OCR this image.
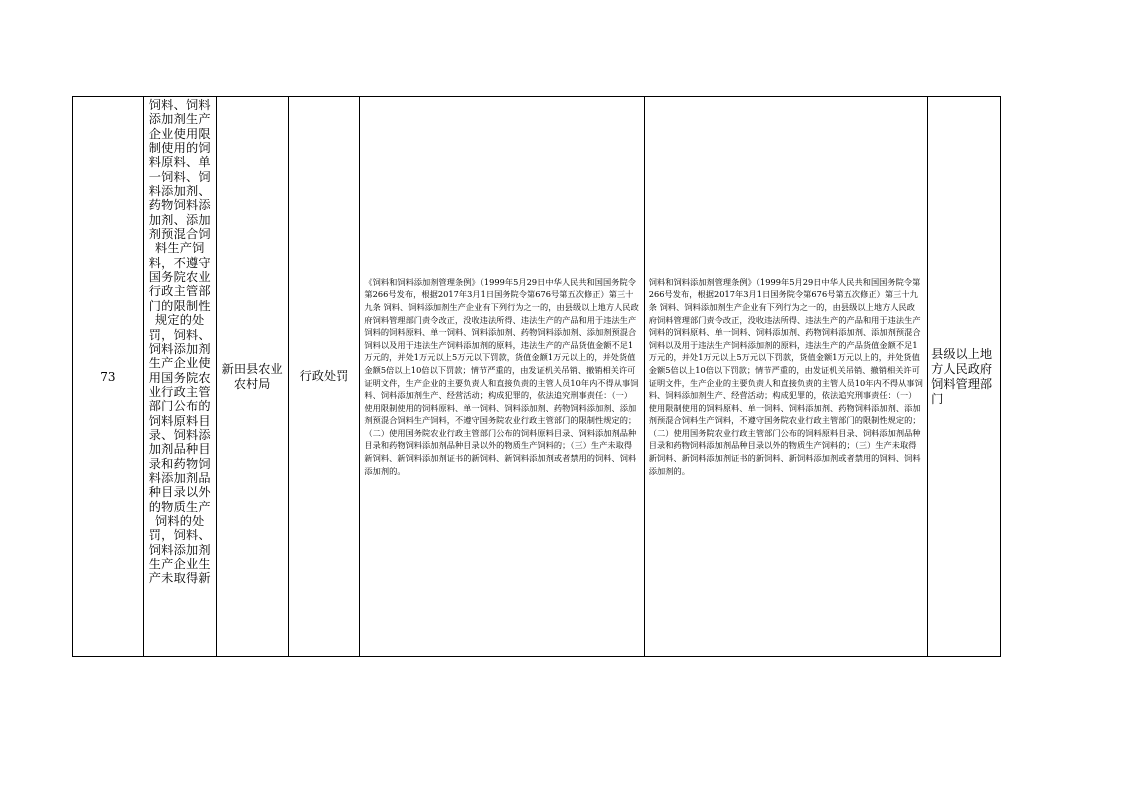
73
饲料、饲料添加剂生产企业使用限制使用的饲料原料、单一饲料、饲料添加剂、药物饲料添加剂、添加剂预混合饲料生产饲料，不遵守国务院农业行政主管部门的限制性规定的处罚，饲料、饲料添加剂生产企业使用国务院农业行政主管部门公布的饲料原料目录、饲料添加剂品种目录和药物饲料添加剂品种目录以外的物质生产饲料的处罚，饲料、饲料添加剂生产企业生产未取得新
新田县农业农村局
行政处罚
《饲料和饲料添加剂管理条例》（1999年5月29日中华人民共和国国务院令第266号发布，根据2017年3月1日国务院令第676号第五次修正）第三十九条 饲料、饲料添加剂生产企业有下列行为之一的，由县级以上地方人民政府饲料管理部门责令改正，没收违法所得、违法生产的产品和用于违法生产饲料的饲料原料、单一饲料、饲料添加剂、药物饲料添加剂、添加剂预混合饲料以及用于违法生产饲料添加剂的原料，违法生产的产品货值金额不足1万元的，并处1万元以上5万元以下罚款，货值金额1万元以上的，并处货值金额5倍以上10倍以下罚款；情节严重的，由发证机关吊销、撤销相关许可证明文件，生产企业的主要负责人和直接负责的主管人员10年内不得从事饲料、饲料添加剂生产、经营活动；构成犯罪的，依法追究刑事责任：（一）使用限制使用的饲料原料、单一饲料、饲料添加剂、药物饲料添加剂、添加剂预混合饲料生产饲料，不遵守国务院农业行政主管部门的限制性规定的；（二）使用国务院农业行政主管部门公布的饲料原料目录、饲料添加剂品种目录和药物饲料添加剂品种目录以外的物质生产饲料的；（三）生产未取得新饲料、新饲料添加剂证书的新饲料、新饲料添加剂或者禁用的饲料、饲料添加剂的。
饲料和饲料添加剂管理条例》（1999年5月29日中华人民共和国国务院令第266号发布，根据2017年3月1日国务院令第676号第五次修正）第三十九条 饲料、饲料添加剂生产企业有下列行为之一的，由县级以上地方人民政府饲料管理部门责令改正，没收违法所得、违法生产的产品和用于违法生产饲料的饲料原料、单一饲料、饲料添加剂、药物饲料添加剂、添加剂预混合饲料以及用于违法生产饲料添加剂的原料，违法生产的产品货值金额不足1万元的，并处1万元以上5万元以下罚款，货值金额1万元以上的，并处货值金额5倍以上10倍以下罚款；情节严重的，由发证机关吊销、撤销相关许可证明文件，生产企业的主要负责人和直接负责的主管人员10年内不得从事饲料、饲料添加剂生产、经营活动；构成犯罪的，依法追究刑事责任：（一）使用限制使用的饲料原料、单一饲料、饲料添加剂、药物饲料添加剂、添加剂预混合饲料生产饲料，不遵守国务院农业行政主管部门的限制性规定的；（二）使用国务院农业行政主管部门公布的饲料原料目录、饲料添加剂品种目录和药物饲料添加剂品种目录以外的物质生产饲料的；（三）生产未取得新饲料、新饲料添加剂证书的新饲料、新饲料添加剂或者禁用的饲料、饲料添加剂的。
县级以上地方人民政府饲料管理部门
